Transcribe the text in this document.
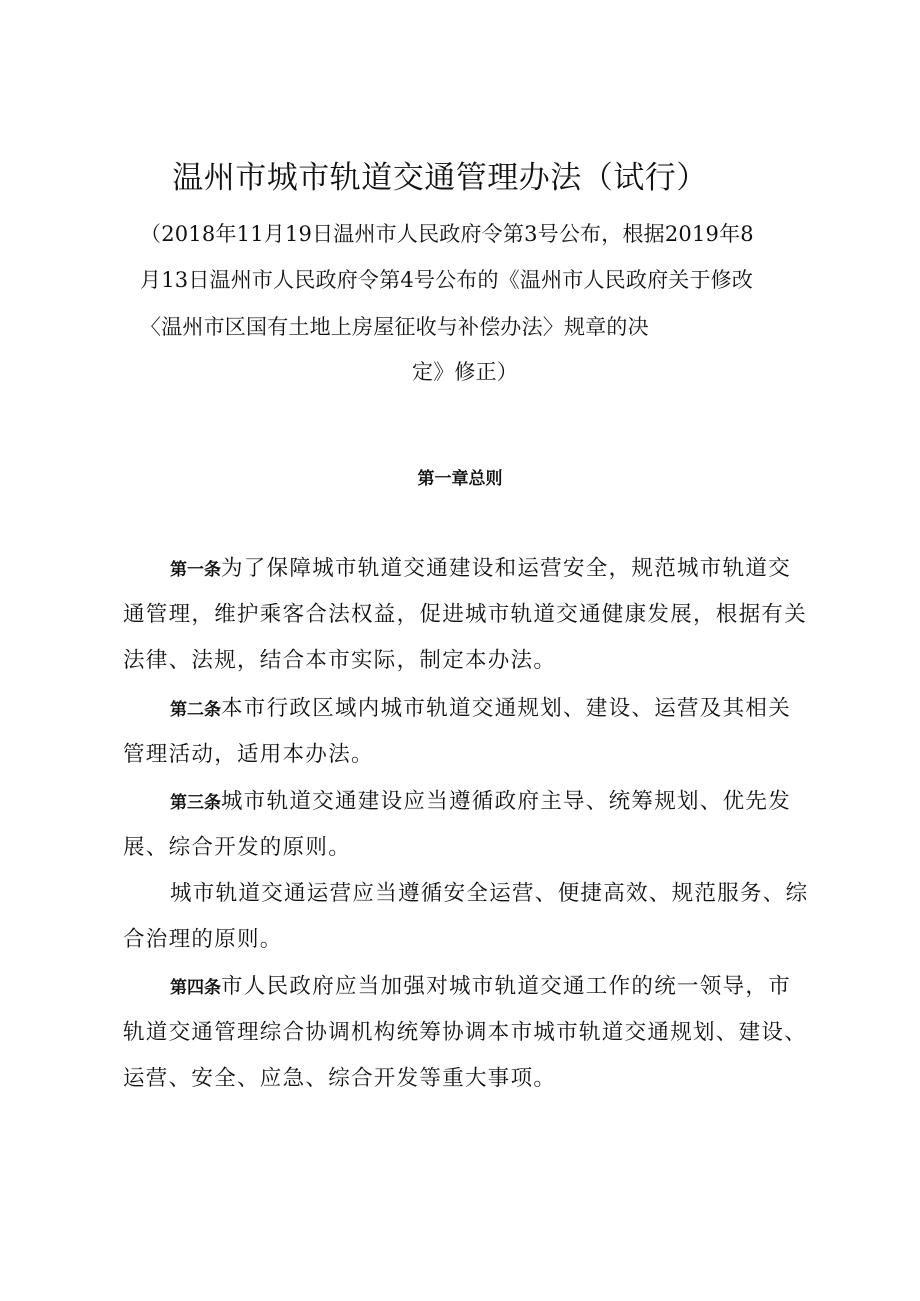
温州市城市轨道交通管理办法（试行）
（2018年11月19日温州市人民政府令第3号公布，根据2019年8
月13日温州市人民政府令第4号公布的《温州市人民政府关于修改
〈温州市区国有土地上房屋征收与补偿办法〉规章的决
定》修正）
第一章总则
第一条为了保障城市轨道交通建设和运营安全，规范城市轨道交
通管理，维护乘客合法权益，促进城市轨道交通健康发展，根据有关
法律、法规，结合本市实际，制定本办法。
第二条本市行政区域内城市轨道交通规划、建设、运营及其相关
管理活动，适用本办法。
第三条城市轨道交通建设应当遵循政府主导、统筹规划、优先发
展、综合开发的原则。
城市轨道交通运营应当遵循安全运营、便捷高效、规范服务、综
合治理的原则。
第四条市人民政府应当加强对城市轨道交通工作的统一领导，市
轨道交通管理综合协调机构统筹协调本市城市轨道交通规划、建设、
运营、安全、应急、综合开发等重大事项。
